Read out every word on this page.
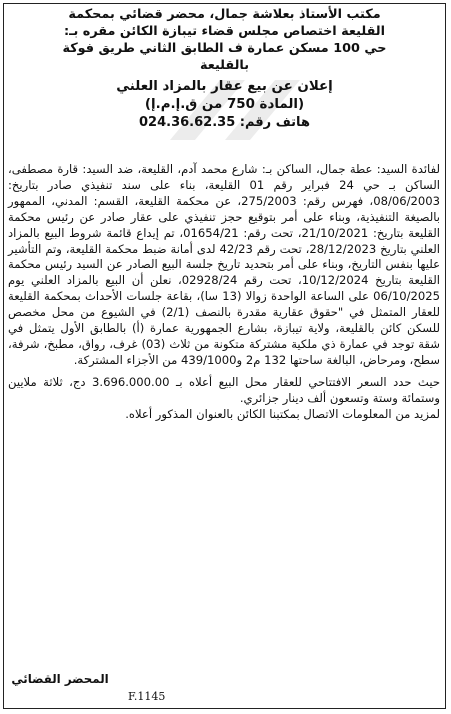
مكتب الأستاذ بعلاشة جمال، محضر قضائي بمحكمة
القليعة اختصاص مجلس قضاء تيبازة الكائن مقره بـ:
حي 100 مسكن عمارة ف الطابق الثاني طريق فوكة
بالقليعة
إعلان عن بيع عقار بالمزاد العلني
(المادة 750 من ق.إ.م.إ)
هاتف رقم: 024.36.62.35

لفائدة السيد: عطة جمال، الساكن بـ: شارع محمد آدم، القليعة، ضد السيد: قارة مصطفى، الساكن بـ حي 24 فبراير رقم 01 القليعة، بناء على سند تنفيذي صادر بتاريخ: 08/06/2003، فهرس رقم: 275/2003، عن محكمة القليعة، القسم: المدني، الممهور بالصيغة التنفيذية، وبناء على أمر بتوقيع حجز تنفيذي على عقار صادر عن رئيس محكمة القليعة بتاريخ: 21/10/2021، تحت رقم: 01654/21، تم إيداع قائمة شروط البيع بالمزاد العلني بتاريخ 28/12/2023، تحت رقم 42/23 لدى أمانة ضبط محكمة القليعة، وتم التأشير عليها بنفس التاريخ، وبناء على أمر بتحديد تاريخ جلسة البيع الصادر عن السيد رئيس محكمة القليعة بتاريخ 10/12/2024، تحت رقم 02928/24، نعلن أن البيع بالمزاد العلني يوم 06/10/2025 على الساعة الواحدة زوالا (13 سا)، بقاعة جلسات الأحداث بمحكمة القليعة للعقار المتمثل في "حقوق عقارية مقدرة بالنصف (2/1) في الشيوع من محل مخصص للسكن كائن بالقليعة، ولاية تيبازة، بشارع الجمهورية عمارة (أ) بالطابق الأول يتمثل في شقة توجد في عمارة ذي ملكية مشتركة متكونة من ثلاث (03) غرف، رواق، مطبخ، شرفة، سطح، ومرحاض، البالغة ساحتها 132 م2 و439/1000 من الأجزاء المشتركة.

حيث حدد السعر الافتتاحي للعقار محل البيع أعلاه بـ 3.696.000.00 دج، ثلاثة ملايين وستمائة وستة وتسعون ألف دينار جزائري.

لمزيد من المعلومات الاتصال بمكتبنا الكائن بالعنوان المذكور أعلاه.

المحضر القضائي
F.1145
